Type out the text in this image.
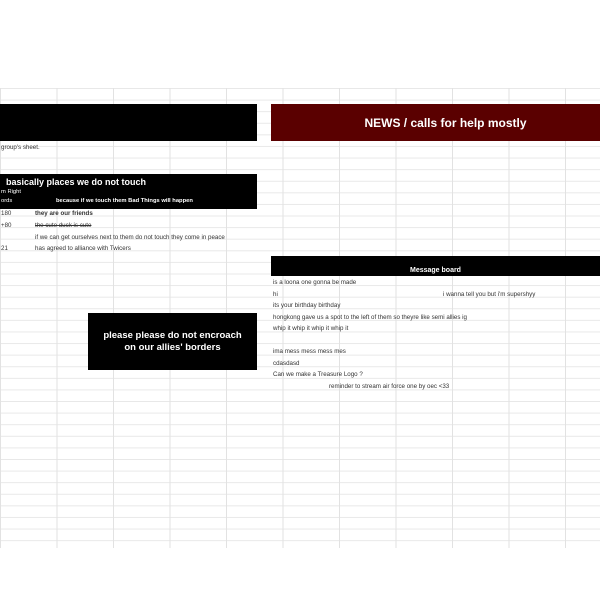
NEWS / calls for help mostly
group's sheet.
basically places we do not touch
m Right
ords	because if we touch them Bad Things will happen
180	they are our friends
+80	the cute duck is cute
if we can get ourselves next to them do not touch they come in peace
21	has agreed to alliance with Twicers
please please do not encroach on our allies' borders
Message board
is a loona one gonna be made
hi	i wanna tell you but i'm supershyy
its your birthday birthday
hongkong gave us a spot to the left of them so theyre like semi allies ig
whip it whip it whip it whip it
ima mess mess mess mes
cdasdasd
Can we make a Treasure Logo ?
reminder to stream air force one by oec <33
